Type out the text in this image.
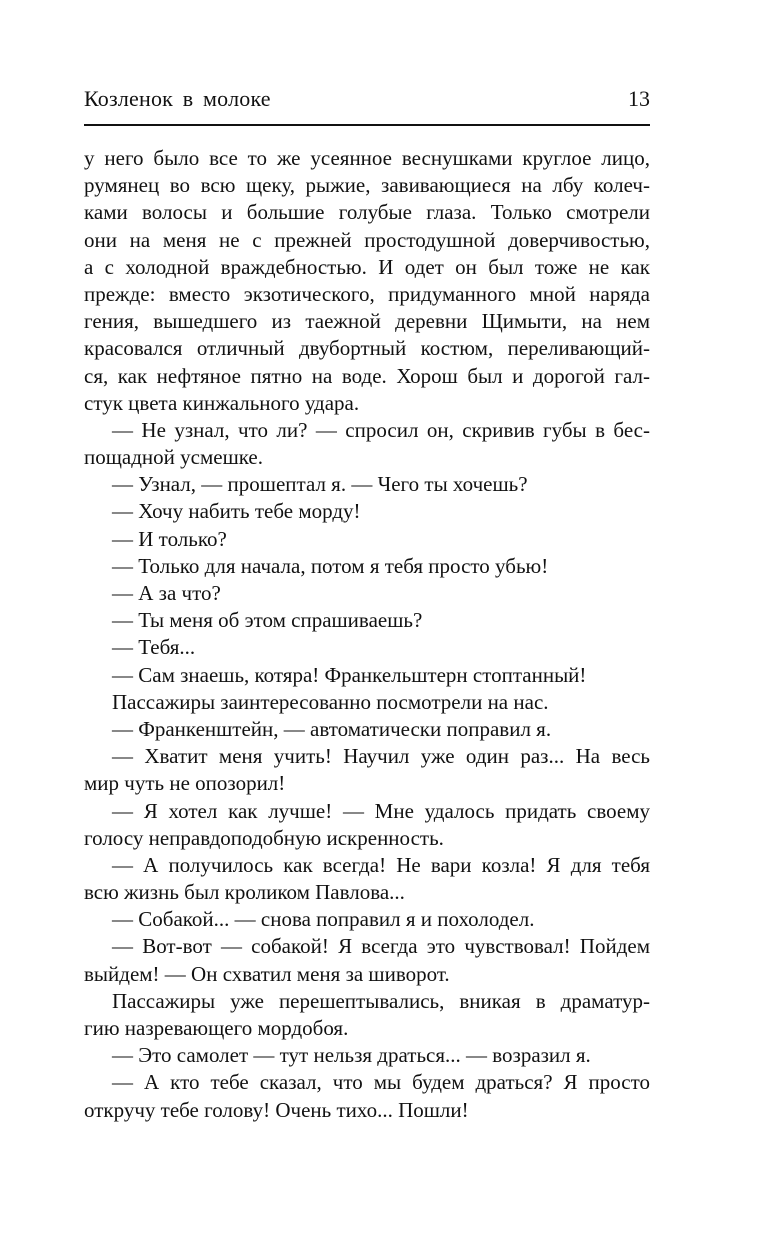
Козленок в молоке	13
у него было все то же усеянное веснушками круглое лицо,
румянец во всю щеку, рыжие, завивающиеся на лбу колеч-
ками волосы и большие голубые глаза. Только смотрели
они на меня не с прежней простодушной доверчивостью,
а с холодной враждебностью. И одет он был тоже не как
прежде: вместо экзотического, придуманного мной наряда
гения, вышедшего из таежной деревни Щимыти, на нем
красовался отличный двубортный костюм, переливающий-
ся, как нефтяное пятно на воде. Хорош был и дорогой гал-
стук цвета кинжального удара.
— Не узнал, что ли? — спросил он, скривив губы в бес-
пощадной усмешке.
— Узнал, — прошептал я. — Чего ты хочешь?
— Хочу набить тебе морду!
— И только?
— Только для начала, потом я тебя просто убью!
— А за что?
— Ты меня об этом спрашиваешь?
— Тебя...
— Сам знаешь, котяра! Франкельштерн стоптанный!
Пассажиры заинтересованно посмотрели на нас.
— Франкенштейн, — автоматически поправил я.
— Хватит меня учить! Научил уже один раз... На весь
мир чуть не опозорил!
— Я хотел как лучше! — Мне удалось придать своему
голосу неправдоподобную искренность.
— А получилось как всегда! Не вари козла! Я для тебя
всю жизнь был кроликом Павлова...
— Собакой... — снова поправил я и похолодел.
— Вот-вот — собакой! Я всегда это чувствовал! Пойдем
выйдем! — Он схватил меня за шиворот.
Пассажиры уже перешептывались, вникая в драматур-
гию назревающего мордобоя.
— Это самолет — тут нельзя драться... — возразил я.
— А кто тебе сказал, что мы будем драться? Я просто
откручу тебе голову! Очень тихо... Пошли!
